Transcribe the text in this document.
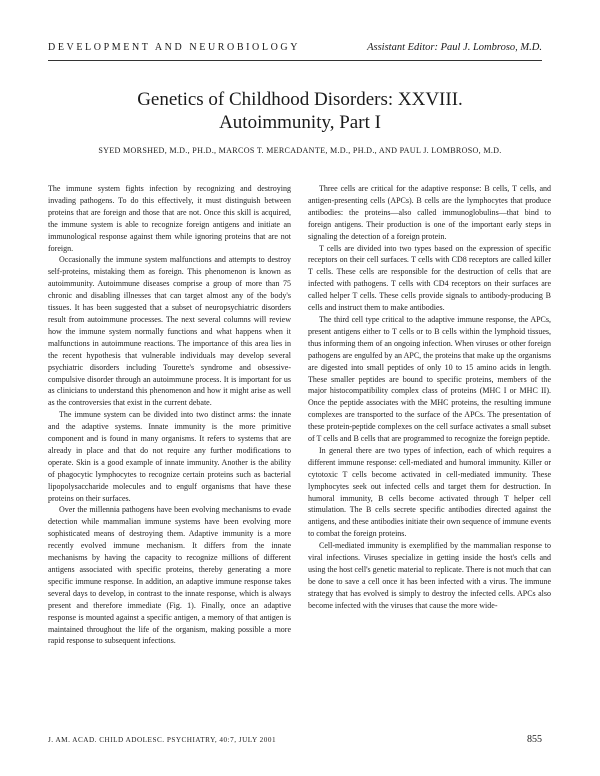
DEVELOPMENT AND NEUROBIOLOGY	Assistant Editor: Paul J. Lombroso, M.D.
Genetics of Childhood Disorders: XXVIII.
Autoimmunity, Part I
SYED MORSHED, M.D., PH.D., MARCOS T. MERCADANTE, M.D., PH.D., AND PAUL J. LOMBROSO, M.D.

The immune system fights infection by recognizing and destroying invading pathogens. To do this effectively, it must distinguish between proteins that are foreign and those that are not. Once this skill is acquired, the immune system is able to recognize foreign antigens and initiate an immunological response against them while ignoring proteins that are not foreign.

Occasionally the immune system malfunctions and attempts to destroy self-proteins, mistaking them as foreign. This phenomenon is known as autoimmunity. Autoimmune diseases comprise a group of more than 75 chronic and disabling illnesses that can target almost any of the body's tissues. It has been suggested that a subset of neuropsychiatric disorders result from autoimmune processes. The next several columns will review how the immune system normally functions and what happens when it malfunctions in autoimmune reactions. The importance of this area lies in the recent hypothesis that vulnerable individuals may develop several psychiatric disorders including Tourette's syndrome and obsessive-compulsive disorder through an autoimmune process. It is important for us as clinicians to understand this phenomenon and how it might arise as well as the controversies that exist in the current debate.

The immune system can be divided into two distinct arms: the innate and the adaptive systems. Innate immunity is the more primitive component and is found in many organisms. It refers to systems that are already in place and that do not require any further modifications to operate. Skin is a good example of innate immunity. Another is the ability of phagocytic lymphocytes to recognize certain proteins such as bacterial lipopolysaccharide molecules and to engulf organisms that have these proteins on their surfaces.

Over the millennia pathogens have been evolving mechanisms to evade detection while mammalian immune systems have been evolving more sophisticated means of destroying them. Adaptive immunity is a more recently evolved immune mechanism. It differs from the innate mechanisms by having the capacity to recognize millions of different antigens associated with specific proteins, thereby generating a more specific immune response. In addition, an adaptive immune response takes several days to develop, in contrast to the innate response, which is always present and therefore immediate (Fig. 1). Finally, once an adaptive response is mounted against a specific antigen, a memory of that antigen is maintained throughout the life of the organism, making possible a more rapid response to subsequent infections.

Three cells are critical for the adaptive response: B cells, T cells, and antigen-presenting cells (APCs). B cells are the lymphocytes that produce antibodies: the proteins—also called immunoglobulins—that bind to foreign antigens. Their production is one of the important early steps in signaling the detection of a foreign protein.

T cells are divided into two types based on the expression of specific receptors on their cell surfaces. T cells with CD8 receptors are called killer T cells. These cells are responsible for the destruction of cells that are infected with pathogens. T cells with CD4 receptors on their surfaces are called helper T cells. These cells provide signals to antibody-producing B cells and instruct them to make antibodies.

The third cell type critical to the adaptive immune response, the APCs, present antigens either to T cells or to B cells within the lymphoid tissues, thus informing them of an ongoing infection. When viruses or other foreign pathogens are engulfed by an APC, the proteins that make up the organisms are digested into small peptides of only 10 to 15 amino acids in length. These smaller peptides are bound to specific proteins, members of the major histocompatibility complex class of proteins (MHC I or MHC II). Once the peptide associates with the MHC proteins, the resulting immune complexes are transported to the surface of the APCs. The presentation of these protein-peptide complexes on the cell surface activates a small subset of T cells and B cells that are programmed to recognize the foreign peptide.

In general there are two types of infection, each of which requires a different immune response: cell-mediated and humoral immunity. Killer or cytotoxic T cells become activated in cell-mediated immunity. These lymphocytes seek out infected cells and target them for destruction. In humoral immunity, B cells become activated through T helper cell stimulation. The B cells secrete specific antibodies directed against the antigens, and these antibodies initiate their own sequence of immune events to combat the foreign proteins.

Cell-mediated immunity is exemplified by the mammalian response to viral infections. Viruses specialize in getting inside the host's cells and using the host cell's genetic material to replicate. There is not much that can be done to save a cell once it has been infected with a virus. The immune strategy that has evolved is simply to destroy the infected cells. APCs also become infected with the viruses that cause the more wide-

J. AM. ACAD. CHILD ADOLESC. PSYCHIATRY, 40:7, JULY 2001	855
